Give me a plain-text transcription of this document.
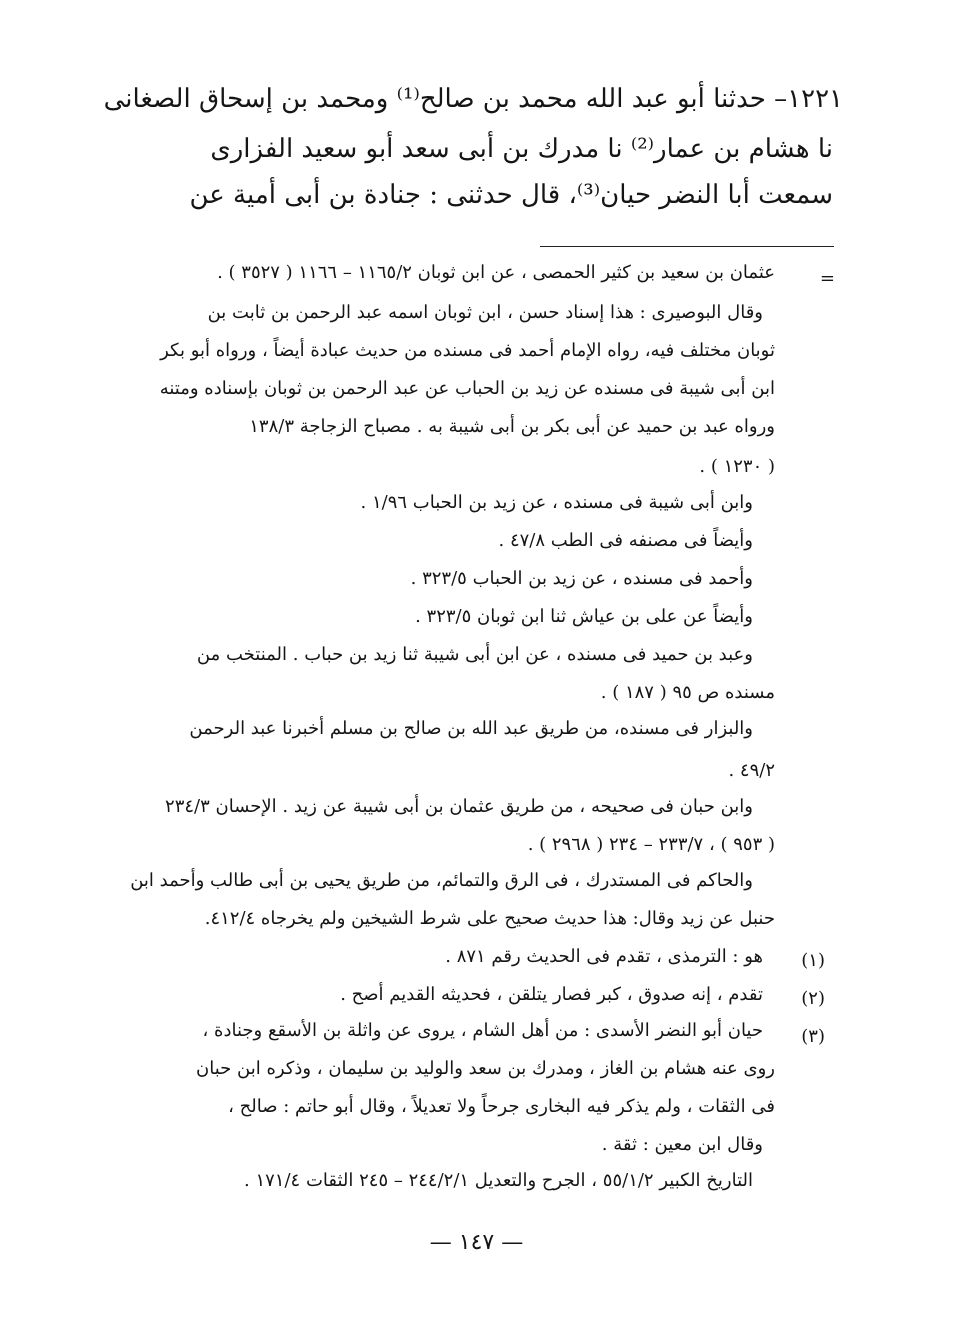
١٢٢١– حدثنا أبو عبد الله محمد بن صالح⁽¹⁾ ومحمد بن إسحاق الصغانى
نا هشام بن عمار⁽²⁾ نا مدرك بن أبى سعد أبو سعيد الفزارى
سمعت أبا النضر حيان⁽³⁾، قال حدثنى : جنادة بن أبى أمية عن
=
عثمان بن سعيد بن كثير الحمصى ، عن ابن ثوبان ١١٦٥/٢ – ١١٦٦ ( ٣٥٢٧ ) .
وقال البوصيرى : هذا إسناد حسن ، ابن ثوبان اسمه عبد الرحمن بن ثابت بن
ثوبان مختلف فيه، رواه الإمام أحمد فى مسنده من حديث عبادة أيضاً ، ورواه أبو بكر
ابن أبى شيبة فى مسنده عن زيد بن الحباب عن عبد الرحمن بن ثوبان بإسناده ومتنه
ورواه عبد بن حميد عن أبى بكر بن أبى شيبة به . مصباح الزجاجة ١٣٨/٣
( ١٢٣٠ ) .
وابن أبى شيبة فى مسنده ، عن زيد بن الحباب ١/٩٦ .
وأيضاً فى مصنفه فى الطب ٤٧/٨ .
وأحمد فى مسنده ، عن زيد بن الحباب ٣٢٣/٥ .
وأيضاً عن على بن عياش ثنا ابن ثوبان ٣٢٣/٥ .
وعبد بن حميد فى مسنده ، عن ابن أبى شيبة ثنا زيد بن حباب . المنتخب من
مسنده ص ٩٥ ( ١٨٧ ) .
والبزار فى مسنده، من طريق عبد الله بن صالح بن مسلم أخبرنا عبد الرحمن
٤٩/٢ .
وابن حبان فى صحيحه ، من طريق عثمان بن أبى شيبة عن زيد . الإحسان ٢٣٤/٣
( ٩٥٣ ) ، ٢٣٣/٧ – ٢٣٤ ( ٢٩٦٨ ) .
والحاكم فى المستدرك ، فى الرق والتمائم، من طريق يحيى بن أبى طالب وأحمد ابن
حنبل عن زيد وقال: هذا حديث صحيح على شرط الشيخين ولم يخرجاه ٤١٢/٤.
(١)
هو : الترمذى ، تقدم فى الحديث رقم ٨٧١ .
(٢)
تقدم ، إنه صدوق ، كبر فصار يتلقن ، فحديثه القديم أصح .
(٣)
حيان أبو النضر الأسدى : من أهل الشام ، يروى عن واثلة بن الأسقع وجنادة ،
روى عنه هشام بن الغاز ، ومدرك بن سعد والوليد بن سليمان ، وذكره ابن حبان
فى الثقات ، ولم يذكر فيه البخارى جرحاً ولا تعديلاً ، وقال أبو حاتم : صالح ،
وقال ابن معين : ثقة .
التاريخ الكبير ٥٥/١/٢ ، الجرح والتعديل ٢٤٤/٢/١ – ٢٤٥ الثقات ١٧١/٤ .
— ١٤٧ —
